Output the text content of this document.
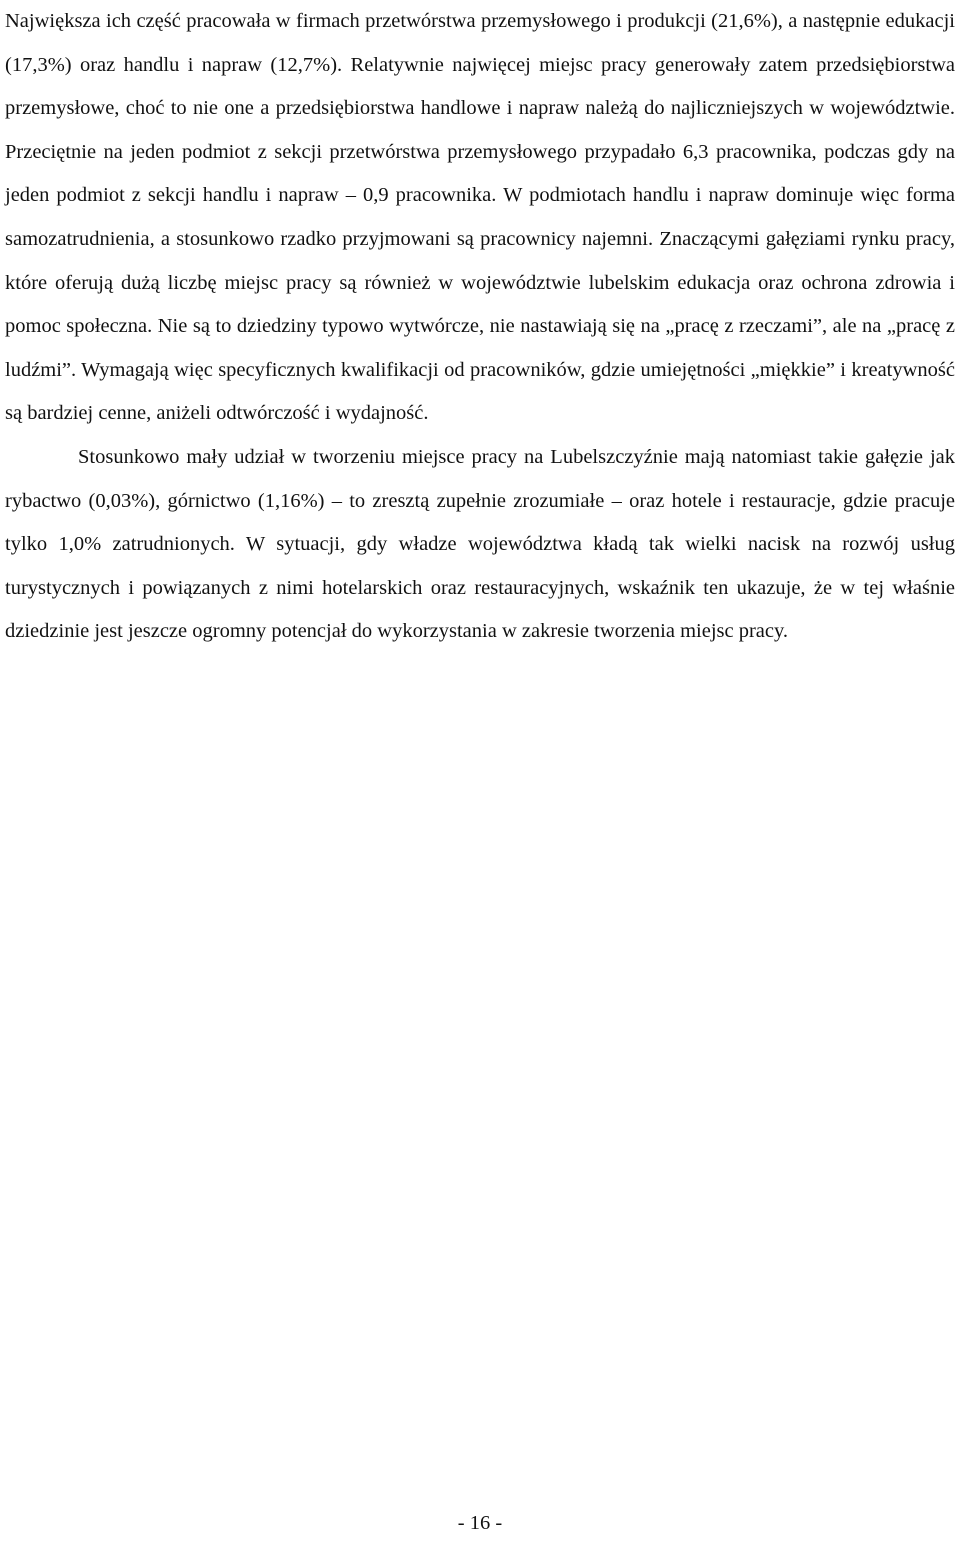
Największa ich część pracowała w firmach przetwórstwa przemysłowego i produkcji (21,6%), a następnie edukacji (17,3%) oraz handlu i napraw (12,7%). Relatywnie najwięcej miejsc pracy generowały zatem przedsiębiorstwa przemysłowe, choć to nie one a przedsiębiorstwa handlowe i napraw należą do najliczniejszych w województwie. Przeciętnie na jeden podmiot z sekcji przetwórstwa przemysłowego przypadało 6,3 pracownika, podczas gdy na jeden podmiot z sekcji handlu i napraw – 0,9 pracownika. W podmiotach handlu i napraw dominuje więc forma samozatrudnienia, a stosunkowo rzadko przyjmowani są pracownicy najemni. Znaczącymi gałęziami rynku pracy, które oferują dużą liczbę miejsc pracy są również w województwie lubelskim edukacja oraz ochrona zdrowia i pomoc społeczna. Nie są to dziedziny typowo wytwórcze, nie nastawiają się na „pracę z rzeczami”, ale na „pracę z ludźmi”. Wymagają więc specyficznych kwalifikacji od pracowników, gdzie umiejętności „miękkie” i kreatywność są bardziej cenne, aniżeli odtwórczość i wydajność.

Stosunkowo mały udział w tworzeniu miejsce pracy na Lubelszczyźnie mają natomiast takie gałęzie jak rybactwo (0,03%), górnictwo (1,16%) – to zresztą zupełnie zrozumiałe – oraz hotele i restauracje, gdzie pracuje tylko 1,0% zatrudnionych. W sytuacji, gdy władze województwa kładą tak wielki nacisk na rozwój usług turystycznych i powiązanych z nimi hotelarskich oraz restauracyjnych, wskaźnik ten ukazuje, że w tej właśnie dziedzinie jest jeszcze ogromny potencjał do wykorzystania w zakresie tworzenia miejsc pracy.

- 16 -
